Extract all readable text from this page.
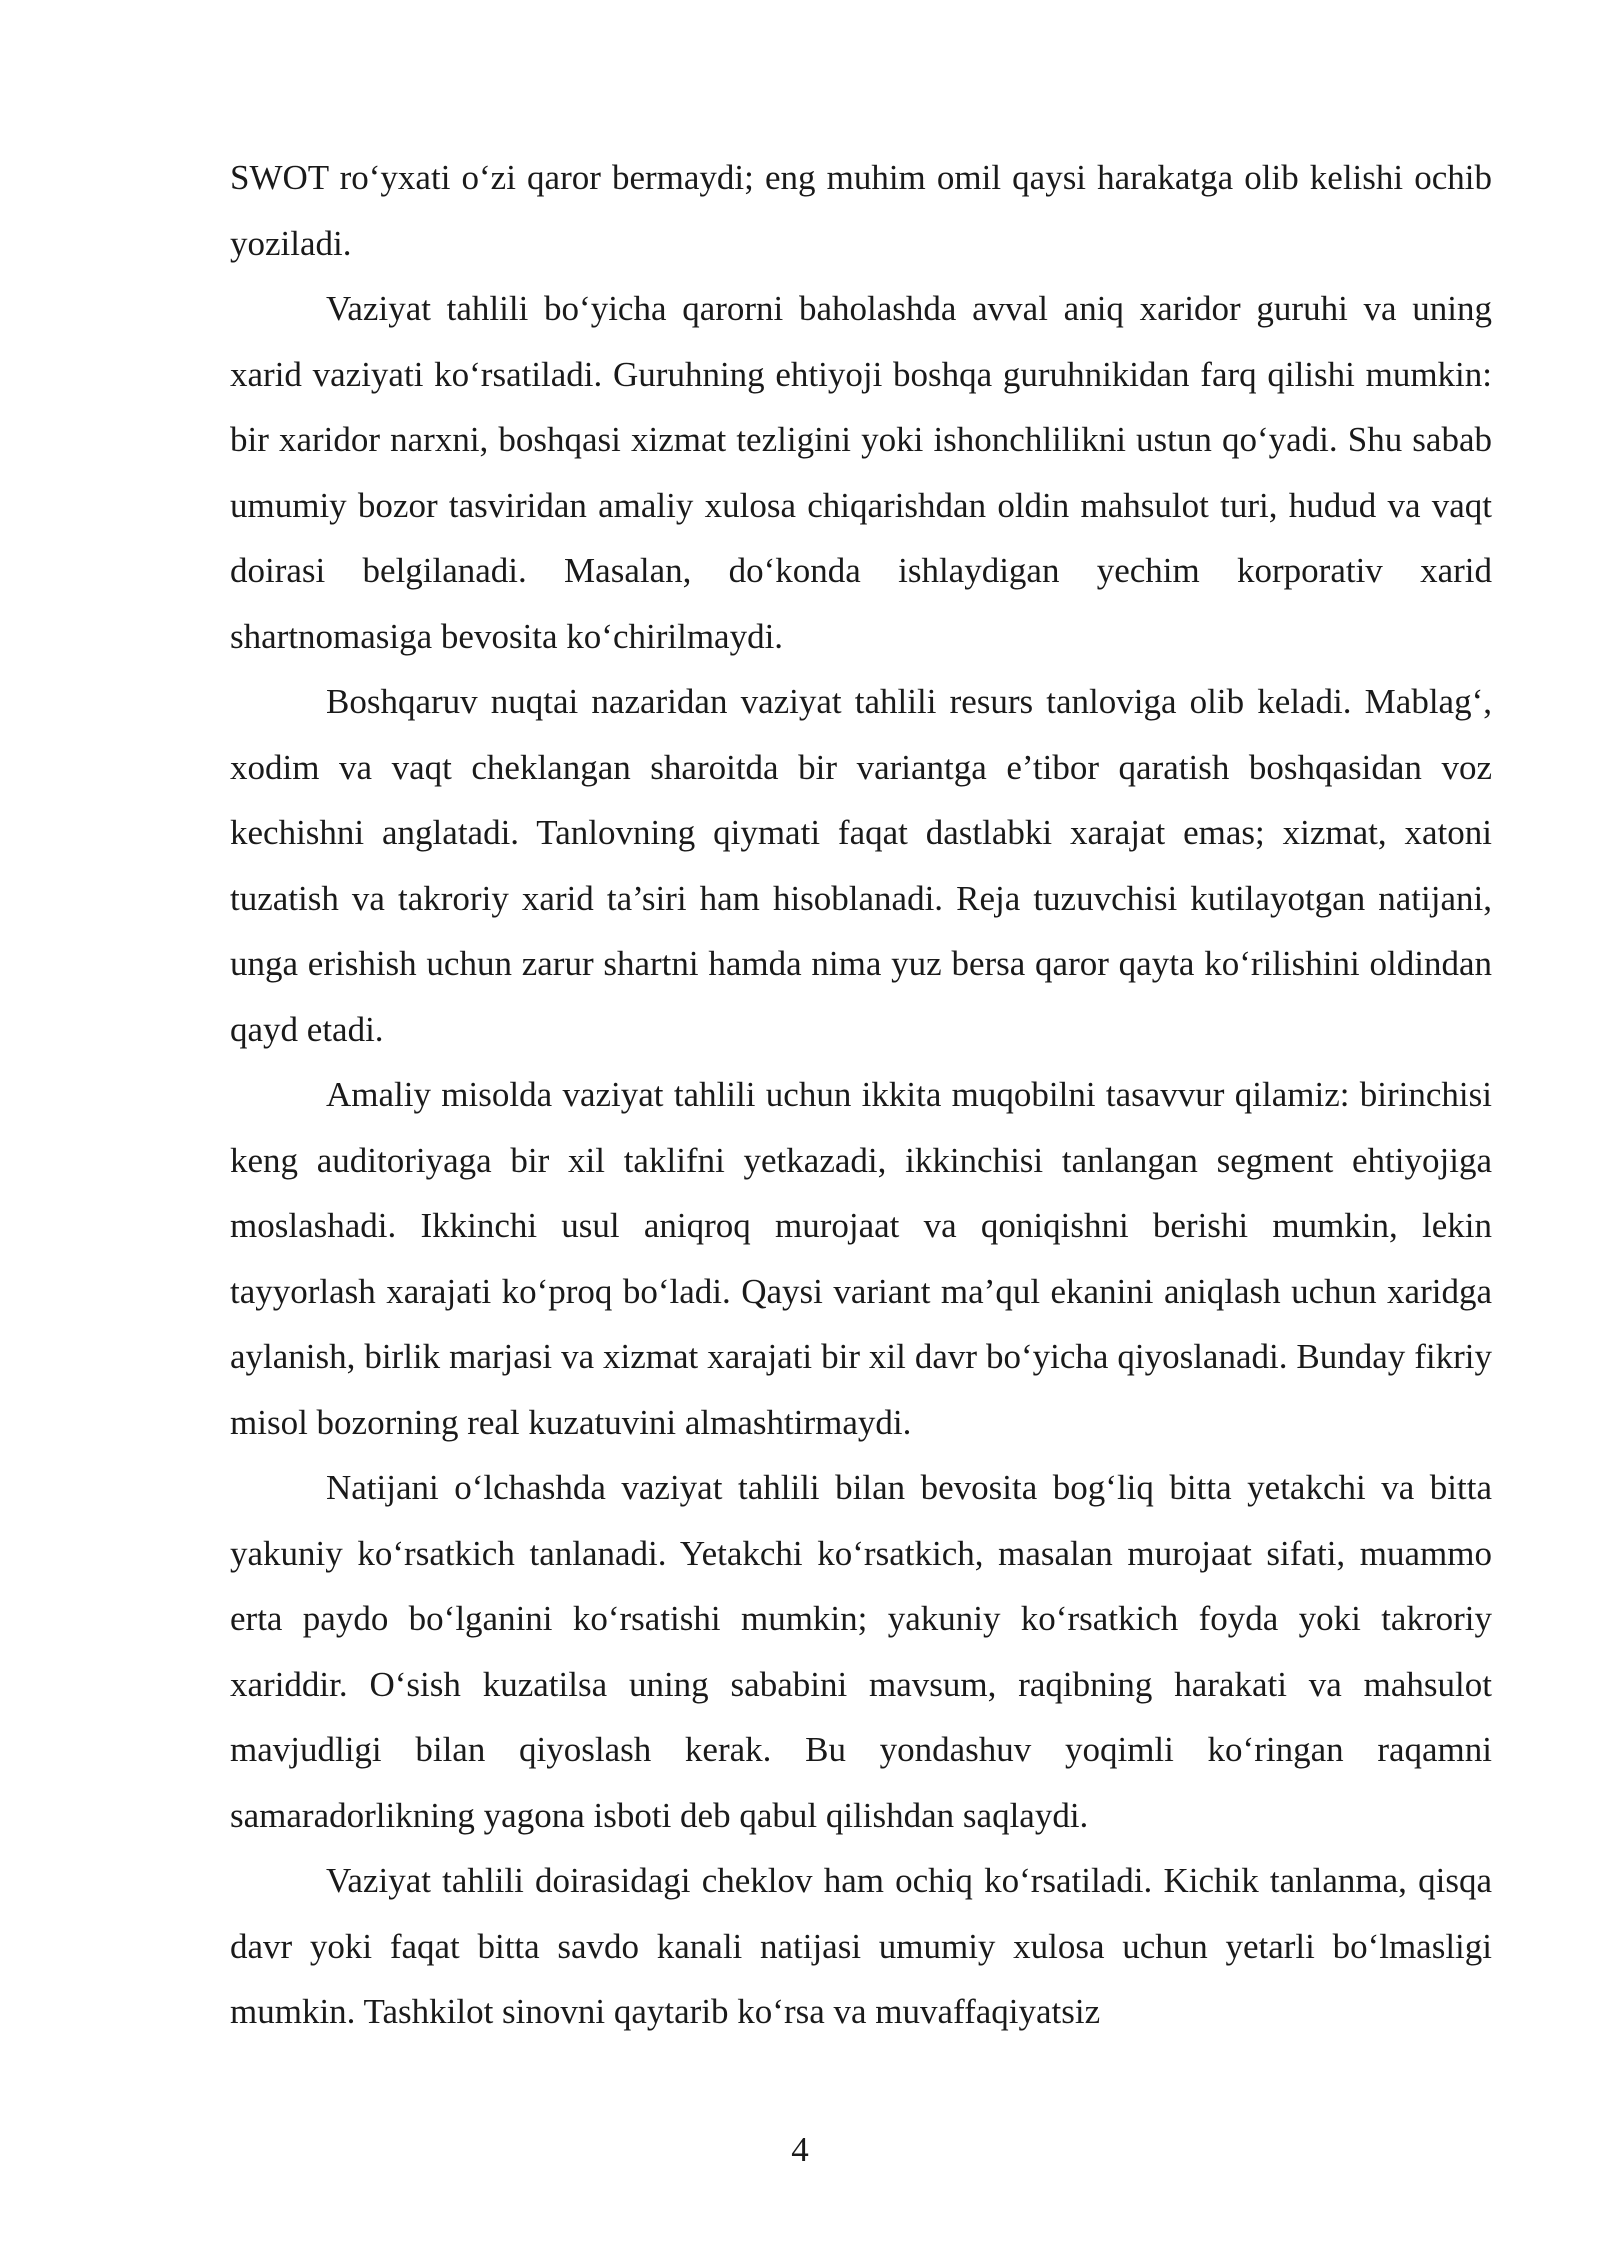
SWOT ro‘yxati o‘zi qaror bermaydi; eng muhim omil qaysi harakatga olib kelishi ochib yoziladi.

Vaziyat tahlili bo‘yicha qarorni baholashda avval aniq xaridor guruhi va uning xarid vaziyati ko‘rsatiladi. Guruhning ehtiyoji boshqa guruhnikidan farq qilishi mumkin: bir xaridor narxni, boshqasi xizmat tezligini yoki ishonchlilikni ustun qo‘yadi. Shu sabab umumiy bozor tasviridan amaliy xulosa chiqarishdan oldin mahsulot turi, hudud va vaqt doirasi belgilanadi. Masalan, do‘konda ishlaydigan yechim korporativ xarid shartnomasiga bevosita ko‘chirilmaydi.

Boshqaruv nuqtai nazaridan vaziyat tahlili resurs tanloviga olib keladi. Mablag‘, xodim va vaqt cheklangan sharoitda bir variantga e’tibor qaratish boshqasidan voz kechishni anglatadi. Tanlovning qiymati faqat dastlabki xarajat emas; xizmat, xatoni tuzatish va takroriy xarid ta’siri ham hisoblanadi. Reja tuzuvchisi kutilayotgan natijani, unga erishish uchun zarur shartni hamda nima yuz bersa qaror qayta ko‘rilishini oldindan qayd etadi.

Amaliy misolda vaziyat tahlili uchun ikkita muqobilni tasavvur qilamiz: birinchisi keng auditoriyaga bir xil taklifni yetkazadi, ikkinchisi tanlangan segment ehtiyojiga moslashadi. Ikkinchi usul aniqroq murojaat va qoniqishni berishi mumkin, lekin tayyorlash xarajati ko‘proq bo‘ladi. Qaysi variant ma’qul ekanini aniqlash uchun xaridga aylanish, birlik marjasi va xizmat xarajati bir xil davr bo‘yicha qiyoslanadi. Bunday fikriy misol bozorning real kuzatuvini almashtirmaydi.

Natijani o‘lchashda vaziyat tahlili bilan bevosita bog‘liq bitta yetakchi va bitta yakuniy ko‘rsatkich tanlanadi. Yetakchi ko‘rsatkich, masalan murojaat sifati, muammo erta paydo bo‘lganini ko‘rsatishi mumkin; yakuniy ko‘rsatkich foyda yoki takroriy xariddir. O‘sish kuzatilsa uning sababini mavsum, raqibning harakati va mahsulot mavjudligi bilan qiyoslash kerak. Bu yondashuv yoqimli ko‘ringan raqamni samaradorlikning yagona isboti deb qabul qilishdan saqlaydi.

Vaziyat tahlili doirasidagi cheklov ham ochiq ko‘rsatiladi. Kichik tanlanma, qisqa davr yoki faqat bitta savdo kanali natijasi umumiy xulosa uchun yetarli bo‘lmasligi mumkin. Tashkilot sinovni qaytarib ko‘rsa va muvaffaqiyatsiz

4
